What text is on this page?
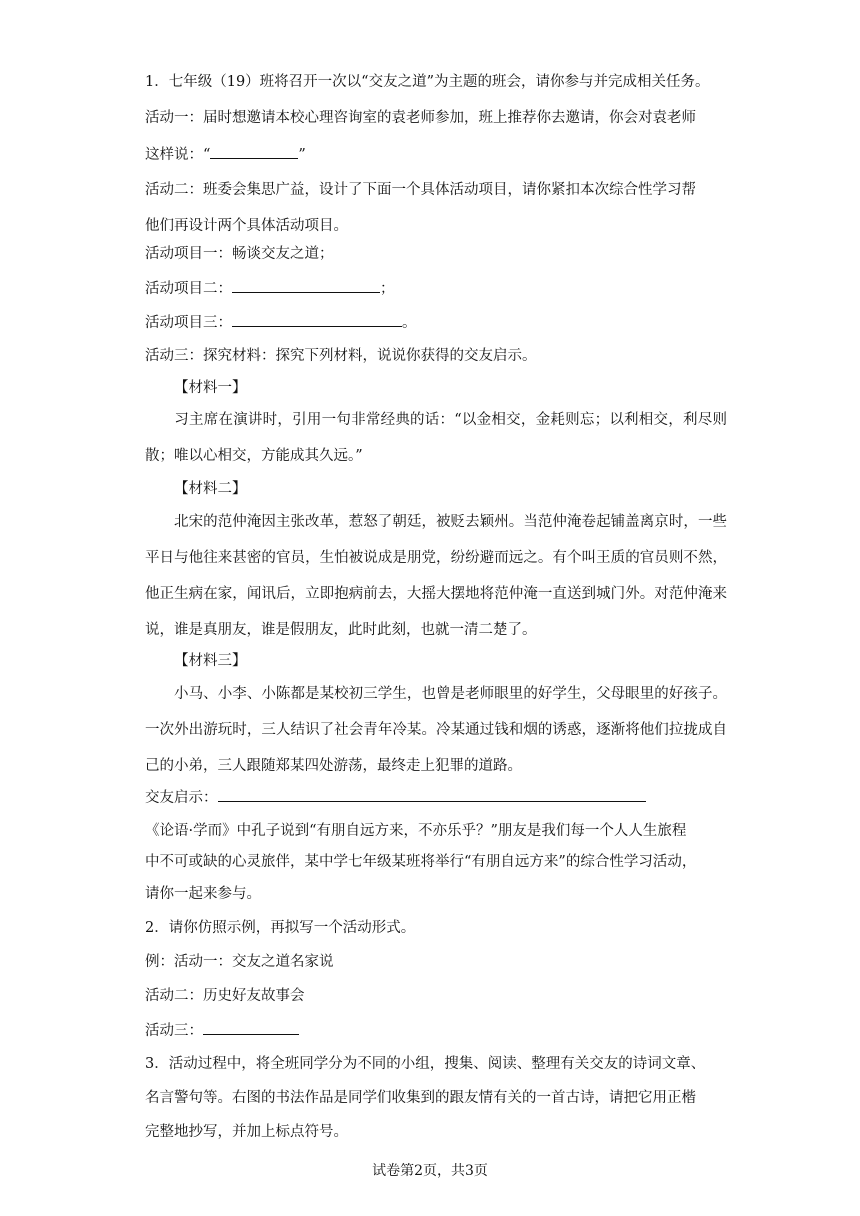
1．七年级（19）班将召开一次以“交友之道”为主题的班会，请你参与并完成相关任务。
活动一：届时想邀请本校心理咨询室的袁老师参加，班上推荐你去邀请，你会对袁老师
这样说：“	”
活动二：班委会集思广益，设计了下面一个具体活动项目，请你紧扣本次综合性学习帮
他们再设计两个具体活动项目。
活动项目一：畅谈交友之道；
活动项目二：	；
活动项目三：	。
活动三：探究材料：探究下列材料，说说你获得的交友启示。
【材料一】
习主席在演讲时，引用一句非常经典的话：“以金相交，金耗则忘；以利相交，利尽则散；唯以心相交，方能成其久远。”
【材料二】
北宋的范仲淹因主张改革，惹怒了朝廷，被贬去颖州。当范仲淹卷起铺盖离京时，一些平日与他往来甚密的官员，生怕被说成是朋党，纷纷避而远之。有个叫王质的官员则不然，他正生病在家，闻讯后，立即抱病前去，大摇大摆地将范仲淹一直送到城门外。对范仲淹来说，谁是真朋友，谁是假朋友，此时此刻，也就一清二楚了。
【材料三】
小马、小李、小陈都是某校初三学生，也曾是老师眼里的好学生，父母眼里的好孩子。一次外出游玩时，三人结识了社会青年冷某。冷某通过钱和烟的诱惑，逐渐将他们拉拢成自己的小弟，三人跟随郑某四处游荡，最终走上犯罪的道路。
交友启示：
《论语·学而》中孔子说到“有朋自远方来，不亦乐乎？”朋友是我们每一个人人生旅程
中不可或缺的心灵旅伴，某中学七年级某班将举行“有朋自远方来”的综合性学习活动，
请你一起来参与。
2．请你仿照示例，再拟写一个活动形式。
例：活动一：交友之道名家说
活动二：历史好友故事会
活动三：
3．活动过程中，将全班同学分为不同的小组，搜集、阅读、整理有关交友的诗词文章、
名言警句等。右图的书法作品是同学们收集到的跟友情有关的一首古诗，请把它用正楷
完整地抄写，并加上标点符号。
试卷第2页，共3页
